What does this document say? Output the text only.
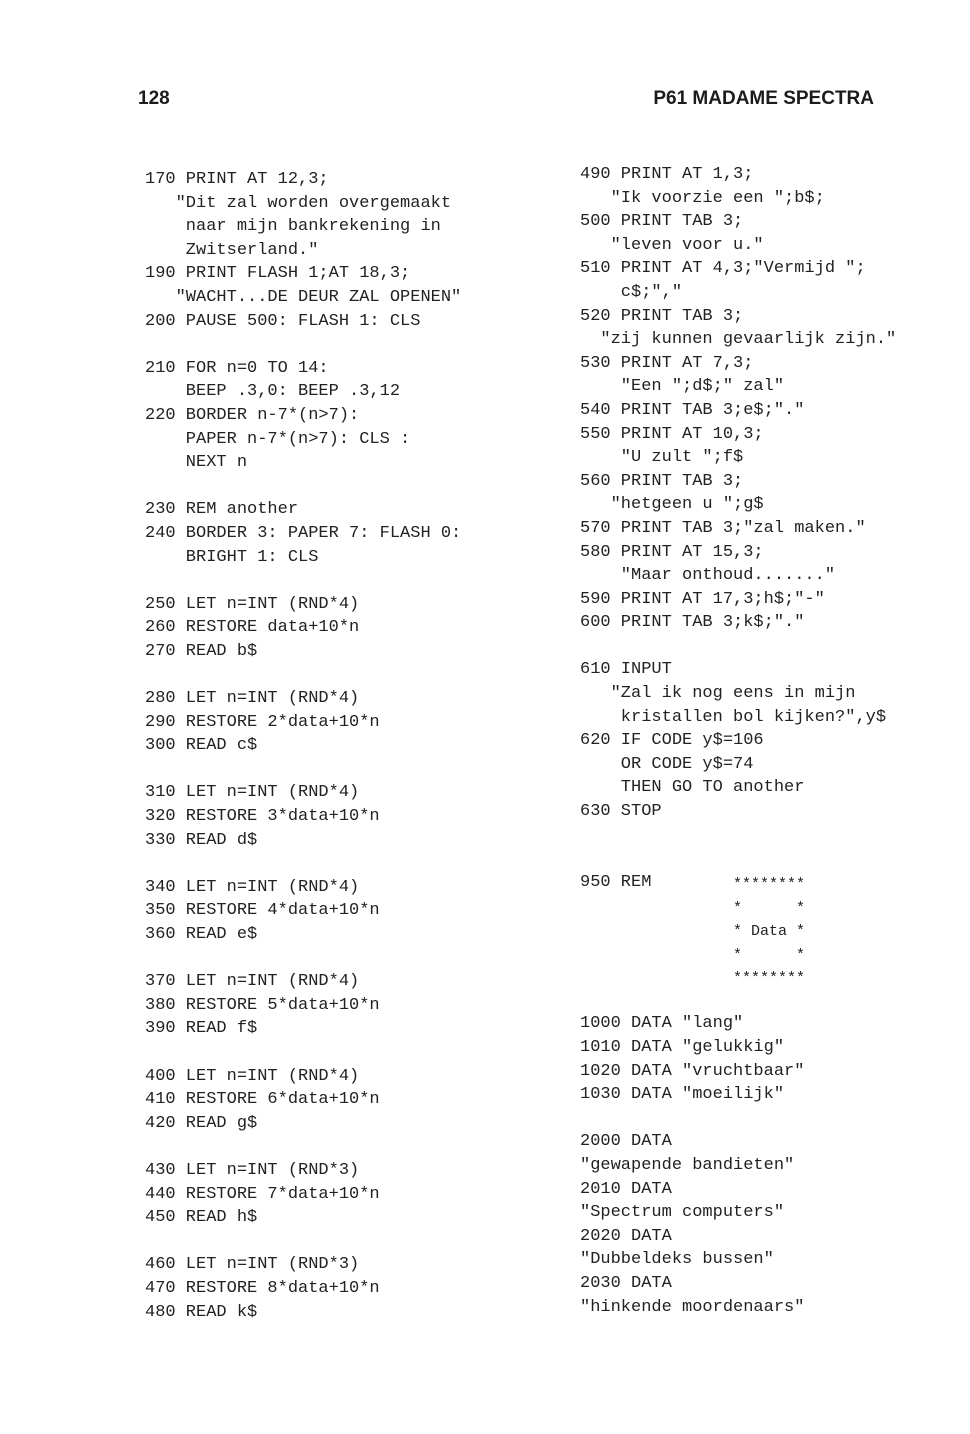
128	P61 MADAME SPECTRA
170 PRINT AT 12,3;
"Dit zal worden overgemaakt
naar mijn bankrekening in
Zwitserland."
190 PRINT FLASH 1;AT 18,3;
"WACHT...DE DEUR ZAL OPENEN"
200 PAUSE 500: FLASH 1: CLS
210 FOR n=0 TO 14:
BEEP .3,0: BEEP .3,12
220 BORDER n-7*(n>7):
PAPER n-7*(n>7): CLS :
NEXT n
230 REM another
240 BORDER 3: PAPER 7: FLASH 0:
BRIGHT 1: CLS
250 LET n=INT (RND*4)
260 RESTORE data+10*n
270 READ b$
280 LET n=INT (RND*4)
290 RESTORE 2*data+10*n
300 READ c$
310 LET n=INT (RND*4)
320 RESTORE 3*data+10*n
330 READ d$
340 LET n=INT (RND*4)
350 RESTORE 4*data+10*n
360 READ e$
370 LET n=INT (RND*4)
380 RESTORE 5*data+10*n
390 READ f$
400 LET n=INT (RND*4)
410 RESTORE 6*data+10*n
420 READ g$
430 LET n=INT (RND*3)
440 RESTORE 7*data+10*n
450 READ h$
460 LET n=INT (RND*3)
470 RESTORE 8*data+10*n
480 READ k$
490 PRINT AT 1,3;
"Ik voorzie een ";b$;
500 PRINT TAB 3;
"leven voor u."
510 PRINT AT 4,3;"Vermijd ";
c$;","
520 PRINT TAB 3;
"zij kunnen gevaarlijk zijn."
530 PRINT AT 7,3;
"Een ";d$;" zal"
540 PRINT TAB 3;e$;"."
550 PRINT AT 10,3;
"U zult ";f$
560 PRINT TAB 3;
"hetgeen u ";g$
570 PRINT TAB 3;"zal maken."
580 PRINT AT 15,3;
"Maar onthoud......."
590 PRINT AT 17,3;h$;"-"
600 PRINT TAB 3;k$;"."
610 INPUT
"Zal ik nog eens in mijn
kristallen bol kijken?",y$
620 IF CODE y$=106
OR CODE y$=74
THEN GO TO another
630 STOP
950 REM
1000 DATA "lang"
1010 DATA "gelukkig"
1020 DATA "vruchtbaar"
1030 DATA "moeilijk"
2000 DATA
"gewapende bandieten"
2010 DATA
"Spectrum computers"
2020 DATA
"Dubbeldeks bussen"
2030 DATA
"hinkende moordenaars"
********
*      *
* Data *
*      *
********
